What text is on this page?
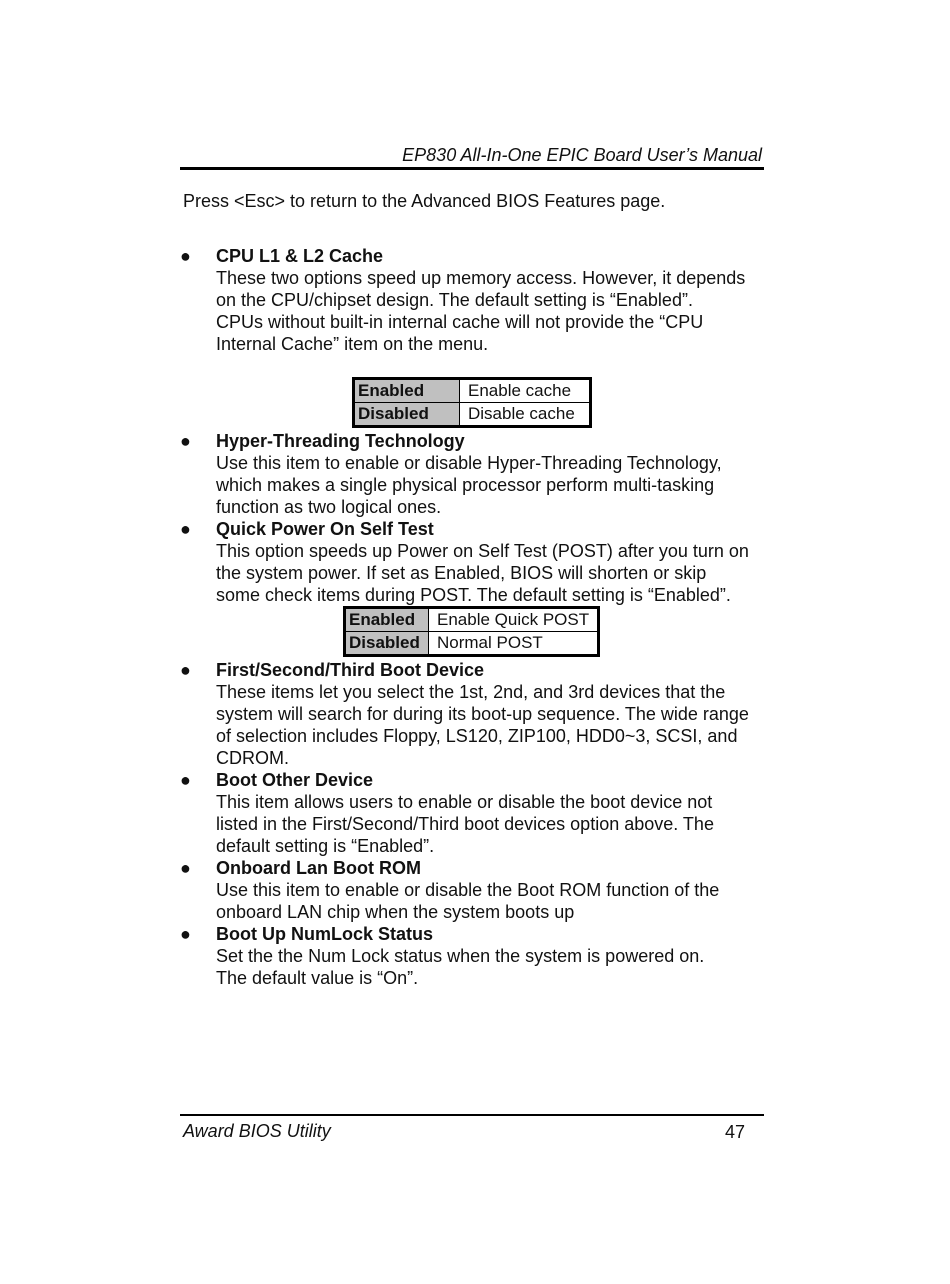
EP830 All-In-One EPIC Board User’s Manual
Press <Esc> to return to the Advanced BIOS Features page.
● CPU L1 & L2 Cache
These two options speed up memory access. However, it depends
on the CPU/chipset design. The default setting is “Enabled”.
CPUs without built-in internal cache will not provide the “CPU
Internal Cache” item on the menu.
Enabled	Enable cache
Disabled	Disable cache
● Hyper-Threading Technology
Use this item to enable or disable Hyper-Threading Technology,
which makes a single physical processor perform multi-tasking
function as two logical ones.
● Quick Power On Self Test
This option speeds up Power on Self Test (POST) after you turn on
the system power. If set as Enabled, BIOS will shorten or skip
some check items during POST. The default setting is “Enabled”.
Enabled	Enable Quick POST
Disabled	Normal POST
● First/Second/Third Boot Device
These items let you select the 1st, 2nd, and 3rd devices that the
system will search for during its boot-up sequence. The wide range
of selection includes Floppy, LS120, ZIP100, HDD0~3, SCSI, and
CDROM.
● Boot Other Device
This item allows users to enable or disable the boot device not
listed in the First/Second/Third boot devices option above. The
default setting is “Enabled”.
● Onboard Lan Boot ROM
Use this item to enable or disable the Boot ROM function of the
onboard LAN chip when the system boots up
● Boot Up NumLock Status
Set the the Num Lock status when the system is powered on.
The default value is “On”.
Award BIOS Utility	47
